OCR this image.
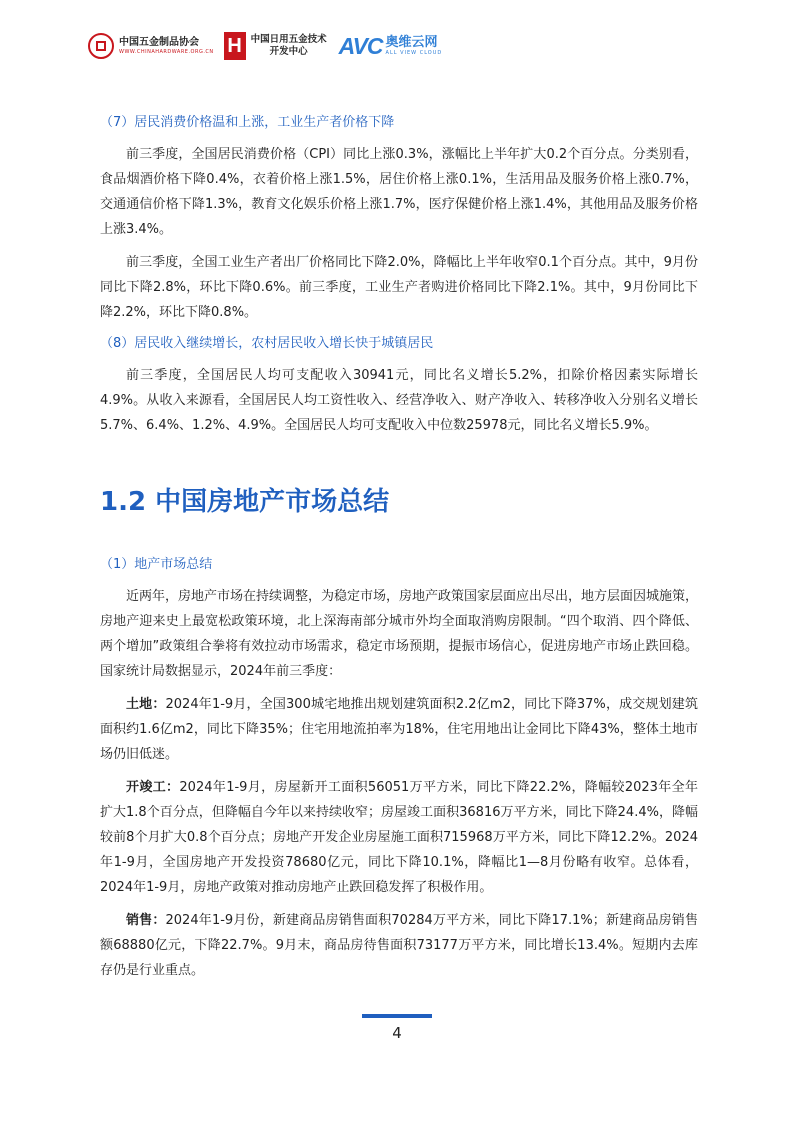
中国五金制品协会
WWW.CHINAHARDWARE.ORG.CN H 中国日用五金技术
开发中心 AVC 奥维云网
ALL VIEW CLOUD
（7）居民消费价格温和上涨，工业生产者价格下降

前三季度，全国居民消费价格（CPI）同比上涨0.3%，涨幅比上半年扩大0.2个百分点。分类别看，食品烟酒价格下降0.4%，衣着价格上涨1.5%，居住价格上涨0.1%，生活用品及服务价格上涨0.7%，交通通信价格下降1.3%，教育文化娱乐价格上涨1.7%，医疗保健价格上涨1.4%，其他用品及服务价格上涨3.4%。

前三季度，全国工业生产者出厂价格同比下降2.0%，降幅比上半年收窄0.1个百分点。其中，9月份同比下降2.8%，环比下降0.6%。前三季度，工业生产者购进价格同比下降2.1%。其中，9月份同比下降2.2%，环比下降0.8%。

（8）居民收入继续增长，农村居民收入增长快于城镇居民

前三季度，全国居民人均可支配收入30941元，同比名义增长5.2%，扣除价格因素实际增长4.9%。从收入来源看，全国居民人均工资性收入、经营净收入、财产净收入、转移净收入分别名义增长5.7%、6.4%、1.2%、4.9%。全国居民人均可支配收入中位数25978元，同比名义增长5.9%。

1.2 中国房地产市场总结
（1）地产市场总结

近两年，房地产市场在持续调整，为稳定市场，房地产政策国家层面应出尽出，地方层面因城施策，房地产迎来史上最宽松政策环境，北上深海南部分城市外均全面取消购房限制。“四个取消、四个降低、两个增加”政策组合拳将有效拉动市场需求，稳定市场预期，提振市场信心，促进房地产市场止跌回稳。国家统计局数据显示，2024年前三季度：

土地：2024年1-9月，全国300城宅地推出规划建筑面积2.2亿m2，同比下降37%，成交规划建筑面积约1.6亿m2，同比下降35%；住宅用地流拍率为18%，住宅用地出让金同比下降43%，整体土地市场仍旧低迷。

开竣工：2024年1-9月，房屋新开工面积56051万平方米，同比下降22.2%，降幅较2023年全年扩大1.8个百分点，但降幅自今年以来持续收窄；房屋竣工面积36816万平方米，同比下降24.4%，降幅较前8个月扩大0.8个百分点；房地产开发企业房屋施工面积715968万平方米，同比下降12.2%。2024年1-9月，全国房地产开发投资78680亿元，同比下降10.1%，降幅比1—8月份略有收窄。总体看，2024年1-9月，房地产政策对推动房地产止跌回稳发挥了积极作用。

销售：2024年1-9月份，新建商品房销售面积70284万平方米，同比下降17.1%；新建商品房销售额68880亿元，下降22.7%。9月末，商品房待售面积73177万平方米，同比增长13.4%。短期内去库存仍是行业重点。

4
